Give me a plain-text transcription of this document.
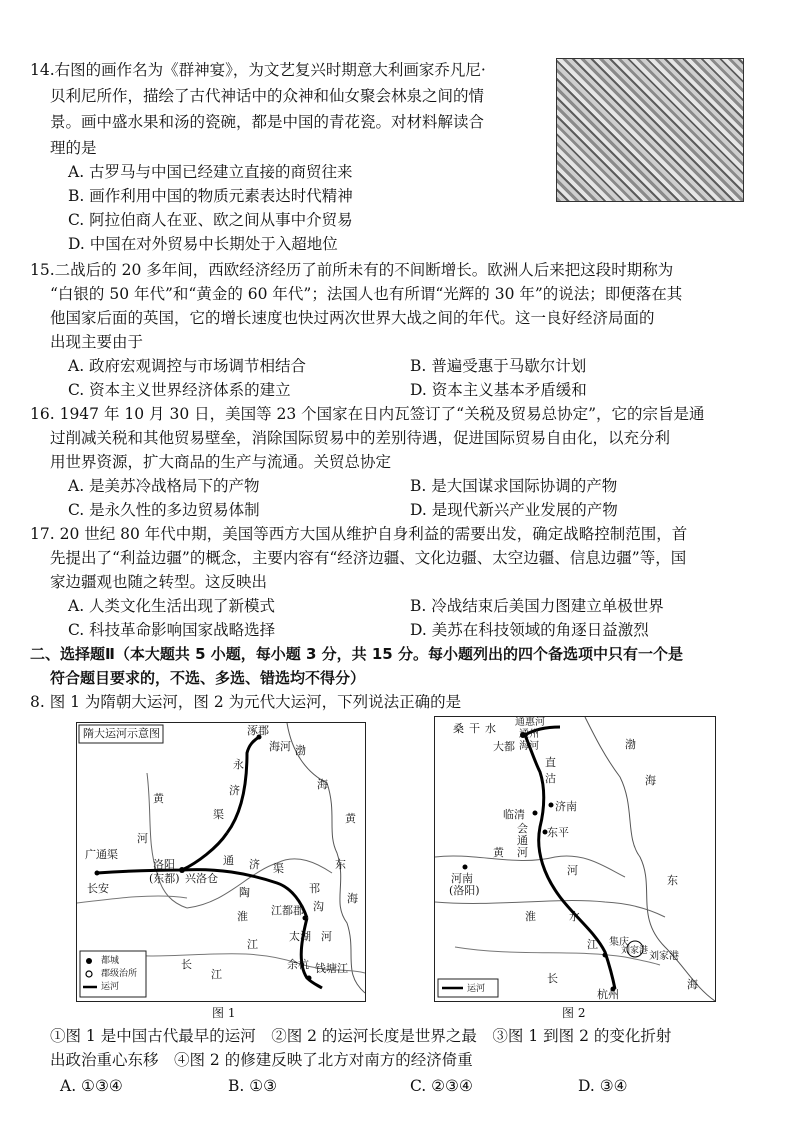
14.右图的画作名为《群神宴》，为文艺复兴时期意大利画家乔凡尼·
贝利尼所作，描绘了古代神话中的众神和仙女聚会林泉之间的情
景。画中盛水果和汤的瓷碗，都是中国的青花瓷。对材料解读合
理的是
A. 古罗马与中国已经建立直接的商贸往来
B. 画作利用中国的物质元素表达时代精神
C. 阿拉伯商人在亚、欧之间从事中介贸易
D. 中国在对外贸易中长期处于入超地位
15.二战后的 20 多年间，西欧经济经历了前所未有的不间断增长。欧洲人后来把这段时期称为
“白银的 50 年代”和“黄金的 60 年代”；法国人也有所谓“光辉的 30 年”的说法；即便落在其
他国家后面的英国，它的增长速度也快过两次世界大战之间的年代。这一良好经济局面的
出现主要由于
A. 政府宏观调控与市场调节相结合	B. 普遍受惠于马歇尔计划
C. 资本主义世界经济体系的建立	D. 资本主义基本矛盾缓和
16. 1947 年 10 月 30 日，美国等 23 个国家在日内瓦签订了“关税及贸易总协定”，它的宗旨是通
过削减关税和其他贸易壁垒，消除国际贸易中的差别待遇，促进国际贸易自由化，以充分利
用世界资源，扩大商品的生产与流通。关贸总协定
A. 是美苏冷战格局下的产物	B. 是大国谋求国际协调的产物
C. 是永久性的多边贸易体制	D. 是现代新兴产业发展的产物
17. 20 世纪 80 年代中期，美国等西方大国从维护自身利益的需要出发，确定战略控制范围，首
先提出了“利益边疆”的概念，主要内容有“经济边疆、文化边疆、太空边疆、信息边疆”等，国
家边疆观也随之转型。这反映出
A. 人类文化生活出现了新模式	B. 冷战结束后美国力图建立单极世界
C. 科技革命影响国家战略选择	D. 美苏在科技领域的角逐日益激烈
二、选择题Ⅱ（本大题共 5 小题，每小题 3 分，共 15 分。每小题列出的四个备选项中只有一个是
符合题目要求的，不选、多选、错选均不得分）
8. 图 1 为隋朝大运河，图 2 为元代大运河，下列说法正确的是
隋大运河示意图	涿郡
海河 渤
永
济	海
黄
渠
河
黄
广通渠
洛阳
(东都) 兴洛仓
通 济 渠
长安	陶
东
邗
淮
沟
江都郡
海
太湖
江
河
余杭 钱塘江
长
江
都城
郡级治所
运河
图 1
桑 干 水 通惠河
通州
海河
大都	渤
直
沽	海
济南
临清
会
通
河
东平
黄
河
河南
(洛阳)
淮	水
东
江 集庆
刘家港 刘家港
杭州
长	海
运河
图 2
①图 1 是中国古代最早的运河　②图 2 的运河长度是世界之最　③图 1 到图 2 的变化折射
出政治重心东移　④图 2 的修建反映了北方对南方的经济倚重
A. ①③④	B. ①③	C. ②③④	D. ③④
